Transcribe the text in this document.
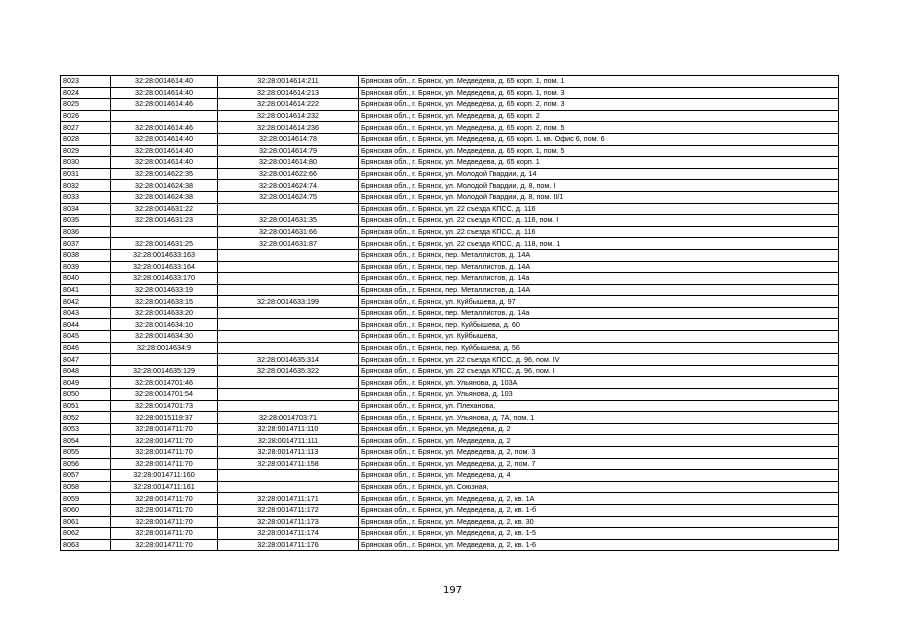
8023	32:28:0014614:40	32:28:0014614:211	Брянская обл., г. Брянск, ул. Медведева, д. 65 корп. 1, пом. 1
8024	32:28:0014614:40	32:28:0014614:213	Брянская обл., г. Брянск, ул. Медведева, д. 65 корп. 1, пом. 3
8025	32:28:0014614:46	32:28:0014614:222	Брянская обл., г. Брянск, ул. Медведева, д. 65 корп. 2, пом. 3
8026		32:28:0014614:232	Брянская обл., г. Брянск, ул. Медведева, д. 65 корп. 2
8027	32:28:0014614:46	32:28:0014614:236	Брянская обл., г. Брянск, ул. Медведева, д. 65 корп. 2, пом. 5
8028	32:28:0014614:40	32:28:0014614:78	Брянская обл., г. Брянск, ул. Медведева, д. 65 корп. 1, кв. Офис 6, пом. 6
8029	32:28:0014614:40	32:28:0014614:79	Брянская обл., г. Брянск, ул. Медведева, д. 65 корп. 1, пом. 5
8030	32:28:0014614:40	32:28:0014614:80	Брянская обл., г. Брянск, ул. Медведева, д. 65 корп. 1
8031	32:28:0014622:35	32:28:0014622:66	Брянская обл., г. Брянск, ул. Молодой Гвардии, д. 14
8032	32:28:0014624:38	32:28:0014624:74	Брянская обл., г. Брянск, ул. Молодой Гвардии, д. 8, пом. I
8033	32:28:0014624:38	32:28:0014624:75	Брянская обл., г. Брянск, ул. Молодой Гвардии, д. 8, пом. II/1
8034	32:28:0014631:22		Брянская обл., г. Брянск, ул. 22 съезда КПСС, д. 116
8035	32:28:0014631:23	32:28:0014631:35	Брянская обл., г. Брянск, ул. 22 съезда КПСС, д. 116, пом. I
8036		32:28:0014631:66	Брянская обл., г. Брянск, ул. 22 съезда КПСС, д. 116
8037	32:28:0014631:25	32:28:0014631:87	Брянская обл., г. Брянск, ул. 22 съезда КПСС, д. 118, пом. 1
8038	32:28:0014633:163		Брянская обл., г. Брянск, пер. Металлистов, д. 14А
8039	32:28:0014633:164		Брянская обл., г. Брянск, пер. Металлистов, д. 14А
8040	32:28:0014633:170		Брянская обл., г. Брянск, пер. Металлистов, д. 14а
8041	32:28:0014633:19		Брянская обл., г. Брянск, пер. Металлистов, д. 14А
8042	32:28:0014633:15	32:28:0014633:199	Брянская обл., г. Брянск, ул. Куйбышева, д. 97
8043	32:28:0014633:20		Брянская обл., г. Брянск, пер. Металлистов, д. 14а
8044	32:28:0014634:10		Брянская обл., г. Брянск, пер. Куйбышева, д. 60
8045	32:28:0014634:30		Брянская обл., г. Брянск, ул. Куйбышева,
8046	32:28:0014634:9		Брянская обл., г. Брянск, пер. Куйбышева, д. 56
8047		32:28:0014635:314	Брянская обл., г. Брянск, ул. 22 съезда КПСС, д. 96, пом. IV
8048	32:28:0014635:129	32:28:0014635:322	Брянская обл., г. Брянск, ул. 22 съезда КПСС, д. 96, пом. I
8049	32:28:0014701:46		Брянская обл., г. Брянск, ул. Ульянова, д. 103А
8050	32:28:0014701:54		Брянская обл., г. Брянск, ул. Ульянова, д. 103
8051	32:28:0014701:73		Брянская обл., г. Брянск, ул. Плеханова,
8052	32:28:0015119:37	32:28:0014703:71	Брянская обл., г. Брянск, ул. Ульянова, д. 7А, пом. 1
8053	32:28:0014711:70	32:28:0014711:110	Брянская обл., г. Брянск, ул. Медведева, д. 2
8054	32:28:0014711:70	32:28:0014711:111	Брянская обл., г. Брянск, ул. Медведева, д. 2
8055	32:28:0014711:70	32:28:0014711:113	Брянская обл., г. Брянск, ул. Медведева, д. 2, пом. 3
8056	32:28:0014711:70	32:28:0014711:158	Брянская обл., г. Брянск, ул. Медведева, д. 2, пом. 7
8057	32:28:0014711:160		Брянская обл., г. Брянск, ул. Медведева, д. 4
8058	32:28:0014711:161		Брянская обл., г. Брянск, ул. Союзная,
8059	32:28:0014711:70	32:28:0014711:171	Брянская обл., г. Брянск, ул. Медведева, д. 2, кв. 1А
8060	32:28:0014711:70	32:28:0014711:172	Брянская обл., г. Брянск, ул. Медведева, д. 2, кв. 1-б
8061	32:28:0014711:70	32:28:0014711:173	Брянская обл., г. Брянск, ул. Медведева, д. 2, кв. 30
8062	32:28:0014711:70	32:28:0014711:174	Брянская обл., г. Брянск, ул. Медведева, д. 2, кв. 1-5
8063	32:28:0014711:70	32:28:0014711:176	Брянская обл., г. Брянск, ул. Медведева, д. 2, кв. 1-6
197
